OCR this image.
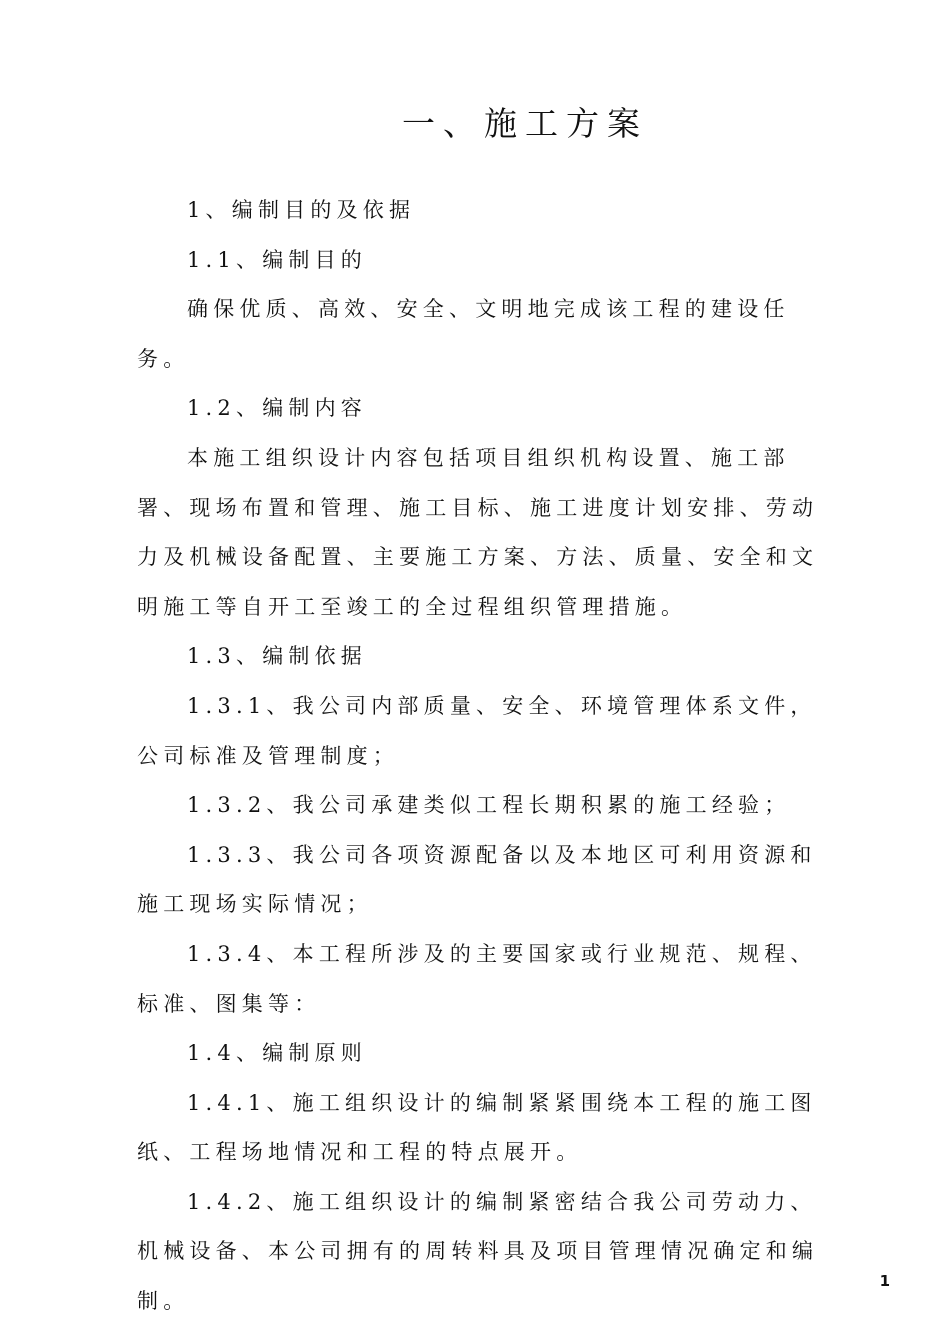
一、施工方案

1、编制目的及依据

1.1、编制目的

确保优质、高效、安全、文明地完成该工程的建设任务。

1.2、编制内容

本施工组织设计内容包括项目组织机构设置、施工部署、现场布置和管理、施工目标、施工进度计划安排、劳动力及机械设备配置、主要施工方案、方法、质量、安全和文明施工等自开工至竣工的全过程组织管理措施。

1.3、编制依据

1.3.1、我公司内部质量、安全、环境管理体系文件，公司标准及管理制度；

1.3.2、我公司承建类似工程长期积累的施工经验；

1.3.3、我公司各项资源配备以及本地区可利用资源和施工现场实际情况；

1.3.4、本工程所涉及的主要国家或行业规范、规程、标准、图集等：

1.4、编制原则

1.4.1、施工组织设计的编制紧紧围绕本工程的施工图纸、工程场地情况和工程的特点展开。

1.4.2、施工组织设计的编制紧密结合我公司劳动力、机械设备、本公司拥有的周转料具及项目管理情况确定和编制。

1
